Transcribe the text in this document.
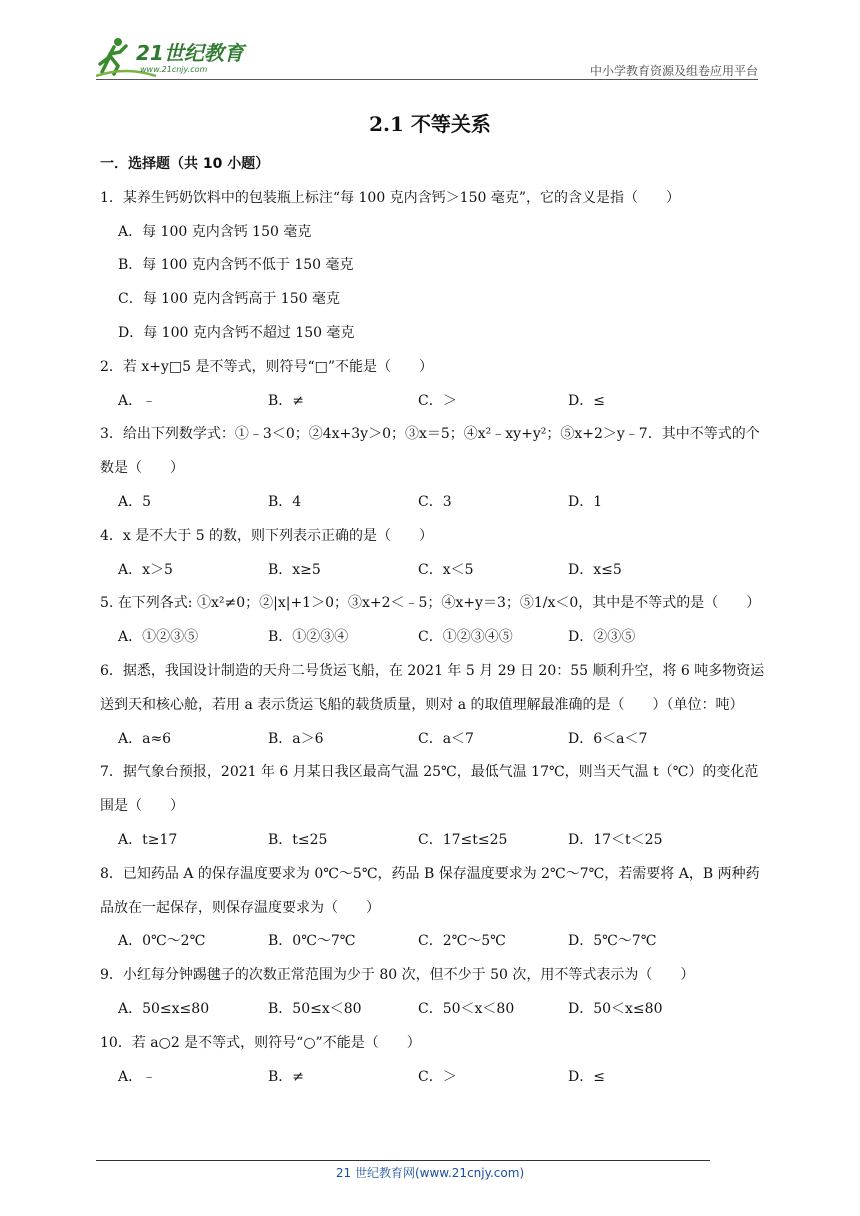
21世纪教育
www.21cnjy.com	中小学教育资源及组卷应用平台
2.1 不等关系
一．选择题（共 10 小题）
1．某养生钙奶饮料中的包装瓶上标注“每 100 克内含钙＞150 毫克”，它的含义是指（　　）
A．每 100 克内含钙 150 毫克
B．每 100 克内含钙不低于 150 毫克
C．每 100 克内含钙高于 150 毫克
D．每 100 克内含钙不超过 150 毫克
2．若 x+y□5 是不等式，则符号“□”不能是（　　）
A．﹣	B．≠	C．＞	D．≤
3．给出下列数学式：①﹣3＜0；②4x+3y＞0；③x＝5；④x²﹣xy+y²；⑤x+2＞y﹣7．其中不等式的个数是（　　）
A．5	B．4	C．3	D．1
4．x 是不大于 5 的数，则下列表示正确的是（　　）
A．x＞5	B．x≥5	C．x＜5	D．x≤5
5. 在下列各式: ①x²≠0；②|x|+1＞0；③x+2＜﹣5；④x+y＝3；⑤1/x＜0，其中是不等式的是（　　）
A．①②③⑤	B．①②③④	C．①②③④⑤	D．②③⑤
6．据悉，我国设计制造的天舟二号货运飞船，在 2021 年 5 月 29 日 20：55 顺利升空，将 6 吨多物资运送到天和核心舱，若用 a 表示货运飞船的载货质量，则对 a 的取值理解最准确的是（　　）（单位：吨）
A．a≈6	B．a＞6	C．a＜7	D．6＜a＜7
7．据气象台预报，2021 年 6 月某日我区最高气温 25℃，最低气温 17℃，则当天气温 t（℃）的变化范围是（　　）
A．t≥17	B．t≤25	C．17≤t≤25	D．17＜t＜25
8．已知药品 A 的保存温度要求为 0℃～5℃，药品 B 保存温度要求为 2℃～7℃，若需要将 A，B 两种药品放在一起保存，则保存温度要求为（　　）
A．0℃～2℃	B．0℃～7℃	C．2℃～5℃	D．5℃～7℃
9．小红每分钟踢毽子的次数正常范围为少于 80 次，但不少于 50 次，用不等式表示为（　　）
A．50≤x≤80	B．50≤x＜80	C．50＜x＜80	D．50＜x≤80
10．若 a○2 是不等式，则符号“○”不能是（　　）
A．﹣	B．≠	C．＞	D．≤
21 世纪教育网(www.21cnjy.com)
